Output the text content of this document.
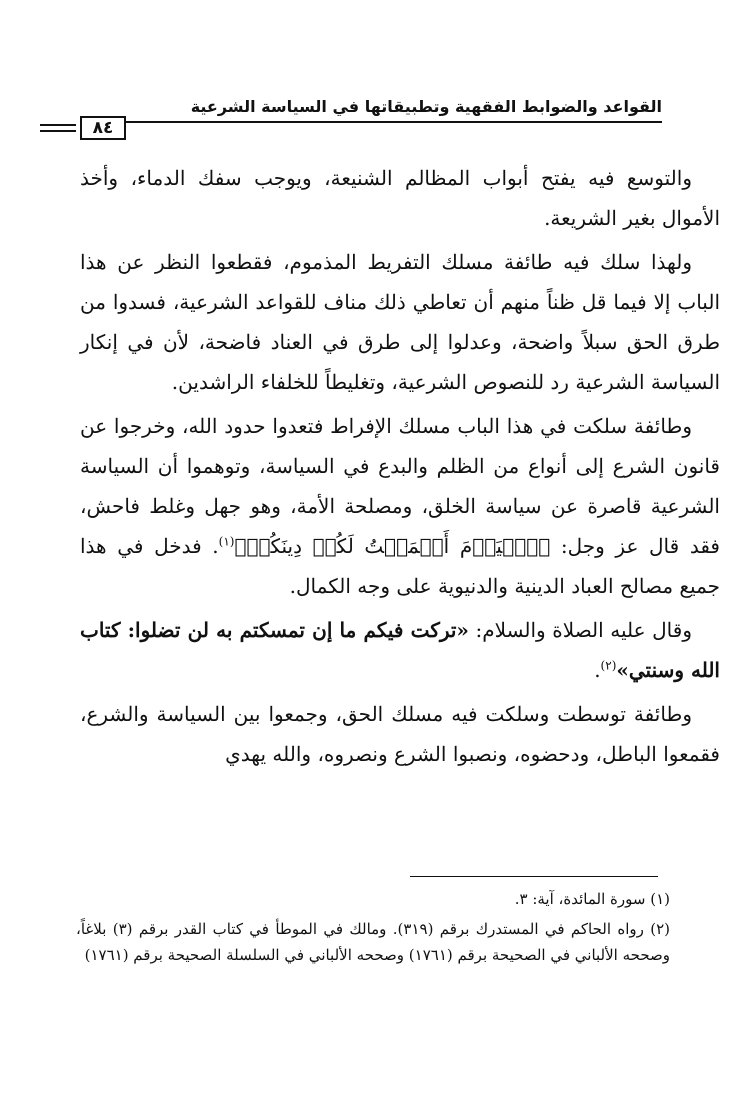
القواعد والضوابط الفقهية وتطبيقاتها في السياسة الشرعية
٨٤

والتوسع فيه يفتح أبواب المظالم الشنيعة، ويوجب سفك الدماء، وأخذ الأموال بغير الشريعة.

ولهذا سلك فيه طائفة مسلك التفريط المذموم، فقطعوا النظر عن هذا الباب إلا فيما قل ظناً منهم أن تعاطي ذلك مناف للقواعد الشرعية، فسدوا من طرق الحق سبلاً واضحة، وعدلوا إلى طرق في العناد فاضحة، لأن في إنكار السياسة الشرعية رد للنصوص الشرعية، وتغليطاً للخلفاء الراشدين.

وطائفة سلكت في هذا الباب مسلك الإفراط فتعدوا حدود الله، وخرجوا عن قانون الشرع إلى أنواع من الظلم والبدع في السياسة، وتوهموا أن السياسة الشرعية قاصرة عن سياسة الخلق، ومصلحة الأمة، وهو جهل وغلط فاحش، فقد قال عز وجل: ﴿ٱلۡيَوۡمَ أَكۡمَلۡتُ لَكُمۡ دِينَكُمۡ﴾$^{(١)}$. فدخل في هذا جميع مصالح العباد الدينية والدنيوية على وجه الكمال.

وقال عليه الصلاة والسلام: «تركت فيكم ما إن تمسكتم به لن تضلوا: كتاب الله وسنتي»$^{(٢)}$.

وطائفة توسطت وسلكت فيه مسلك الحق، وجمعوا بين السياسة والشرع، فقمعوا الباطل، ودحضوه، ونصبوا الشرع ونصروه، والله يهدي

(١) سورة المائدة، آية: ٣.

(٢) رواه الحاكم في المستدرك برقم (٣١٩). ومالك في الموطأ في كتاب القدر برقم (٣) بلاغاً، وصححه الألباني في الصحيحة برقم (١٧٦١) وصححه الألباني في السلسلة الصحيحة برقم (١٧٦١)
